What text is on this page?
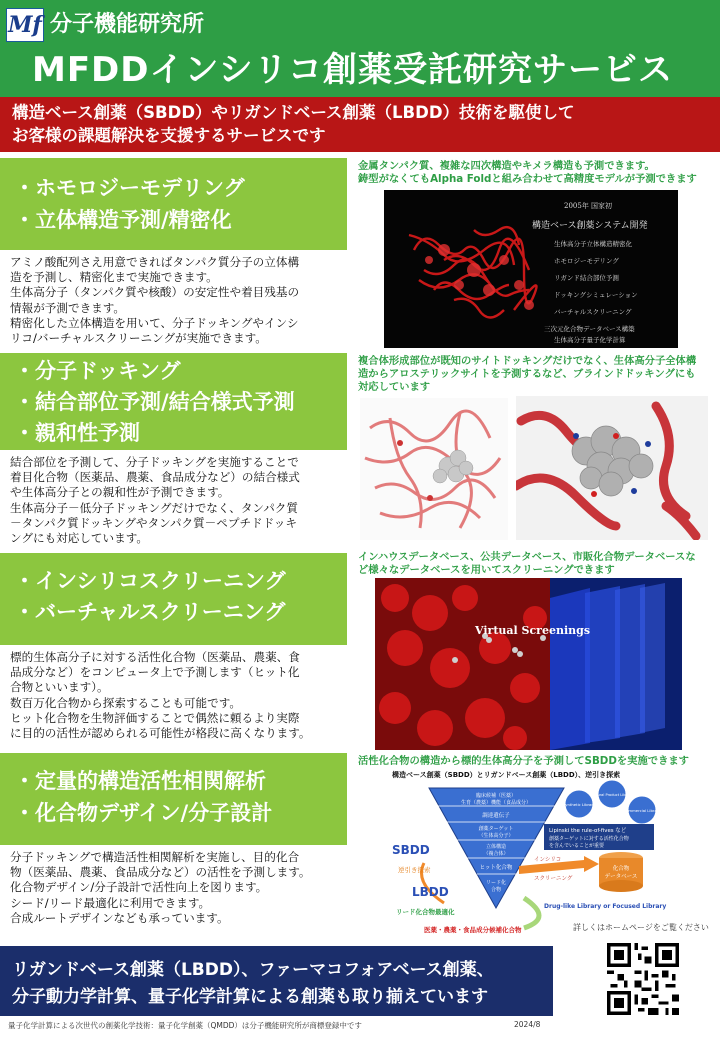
Mf 分子機能研究所
MFDDインシリコ創薬受託研究サービス
構造ベース創薬（SBDD）やリガンドベース創薬（LBDD）技術を駆使して
お客様の課題解決を支援するサービスです
・ホモロジーモデリング
・立体構造予測/精密化

アミノ酸配列さえ用意できればタンパク質分子の立体構

造を予測し、精密化まで実施できます。

生体高分子（タンパク質や核酸）の安定性や着目残基の

情報が予測できます。

精密化した立体構造を用いて、分子ドッキングやインシ

リコ/バーチャルスクリーニングが実施できます。

金属タンパク質、複雑な四次構造やキメラ構造も予測できます。

鋳型がなくてもAlpha Foldと組み合わせて高精度モデルが予測できます

2005年 国家初
構造ベース創薬システム開発
生体高分子立体構造精密化
ホモロジーモデリング
リガンド結合部位予測
ドッキングシミュレーション
バーチャルスクリーニング
三次元化合物データベース構築
生体高分子量子化学計算
・分子ドッキング
・結合部位予測/結合様式予測
・親和性予測

結合部位を予測して、分子ドッキングを実施することで

着目化合物（医薬品、農薬、食品成分など）の結合様式

や生体高分子との親和性が予測できます。

生体高分子－低分子ドッキングだけでなく、タンパク質

－タンパク質ドッキングやタンパク質－ペプチドドッキ

ングにも対応しています。

複合体形成部位が既知のサイトドッキングだけでなく、生体高分子全体構

造からアロステリックサイトを予測するなど、ブラインドドッキングにも

対応しています

・インシリコスクリーニング
・バーチャルスクリーニング

標的生体高分子に対する活性化合物（医薬品、農薬、食

品成分など）をコンピュータ上で予測します（ヒット化

合物といいます）。

数百万化合物から探索することも可能です。

ヒット化合物を生物評価することで偶然に頼るより実際

に目的の活性が認められる可能性が格段に高くなります。

インハウスデータベース、公共データベース、市販化合物データベースな

ど様々なデータベースを用いてスクリーニングできます

Virtual Screenings
・定量的構造活性相関解析
・化合物デザイン/分子設計

分子ドッキングで構造活性相関解析を実施し、目的化合

物（医薬品、農薬、食品成分など）の活性を予測します。

化合物デザイン/分子設計で活性向上を図ります。

シード/リード最適化に利用できます。

合成ルートデザインなども承っています。

活性化合物の構造から標的生体高分子を予測してSBDDを実施できます

構造ベース創薬（SBDD）とリガンドベース創薬（LBDD）、逆引き探索
臨床候補（医薬）
生育（農薬）機能（食品成分）
調達遺伝子
創薬ターゲット
（生体高分子）
立体構造
（複合体）
ヒット化合物
リード化
合物
SBDD
逆引き探索
LBDD
リード化合物最適化
医薬・農薬・食品成分候補化合物
Synthetic Library
Natural Product Library
Commercial Library
Lipinski the rule-of-fives など
創薬ターゲットに対する活性化合物
を含んでいることが重要
インシリコ
スクリーニング
化合物
データベース
Drug-like Library or Focused Library
詳しくはホームページをご覧ください
リガンドベース創薬（LBDD）、ファーマコフォアベース創薬、
分子動力学計算、量子化学計算による創薬も取り揃えています
量子化学計算による次世代の創薬化学技術：量子化学創薬（QMDD）は分子機能研究所が商標登録中です	2024/8
